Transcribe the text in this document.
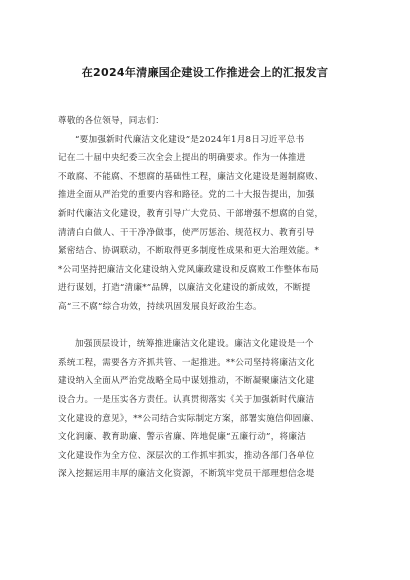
在2024年清廉国企建设工作推进会上的汇报发言
尊敬的各位领导，同志们：
“要加强新时代廉洁文化建设”是2024年1月8日习近平总书
记在二十届中央纪委三次全会上提出的明确要求。作为一体推进
不敢腐、不能腐、不想腐的基础性工程，廉洁文化建设是遏制腐败、
推进全面从严治党的重要内容和路径。党的二十大报告提出，加强
新时代廉洁文化建设，教育引导广大党员、干部增强不想腐的自觉，
清清白白做人、干干净净做事，使严厉惩治、规范权力、教育引导
紧密结合、协调联动，不断取得更多制度性成果和更大治理效能。*
*公司坚持把廉洁文化建设纳入党风廉政建设和反腐败工作整体布局
进行谋划，打造“清廉*”品牌，以廉洁文化建设的新成效，不断提
高“三不腐”综合功效，持续巩固发展良好政治生态。
加强顶层设计，统筹推进廉洁文化建设。廉洁文化建设是一个
系统工程，需要各方齐抓共管、一起推进。**公司坚持将廉洁文化
建设纳入全面从严治党战略全局中谋划推动，不断凝聚廉洁文化建
设合力。一是压实各方责任。认真贯彻落实《关于加强新时代廉洁
文化建设的意见》，**公司结合实际制定方案，部署实施信仰固廉、
文化润廉、教育助廉、警示省廉、阵地促廉“五廉行动”，将廉洁
文化建设作为全方位、深层次的工作抓牢抓实，推动各部门各单位
深入挖掘运用丰厚的廉洁文化资源，不断筑牢党员干部理想信念堤
